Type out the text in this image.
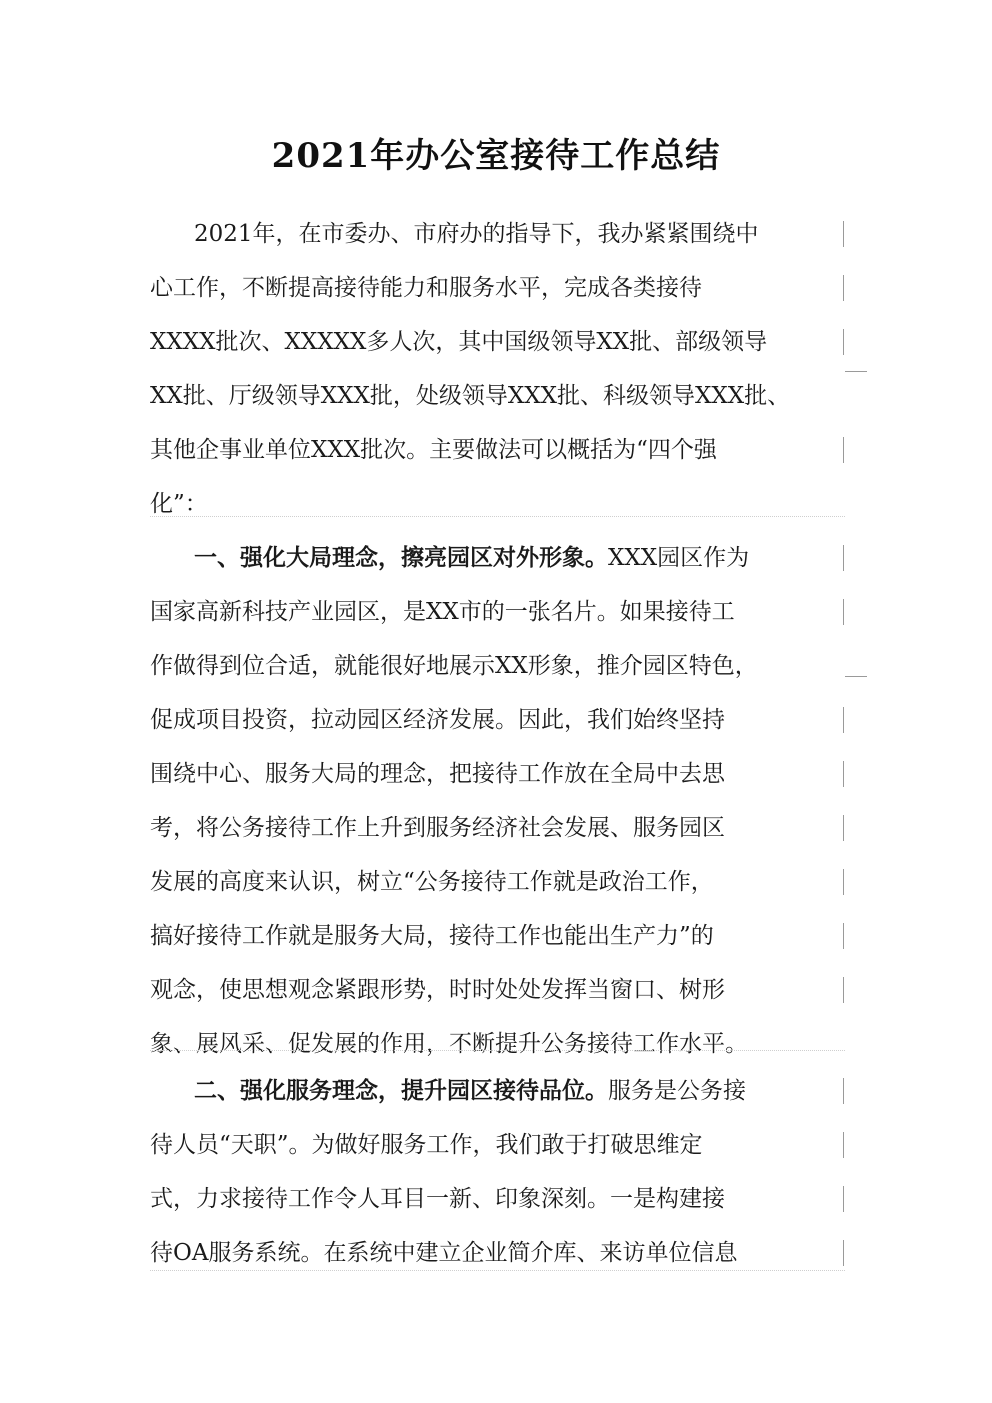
2021年办公室接待工作总结
2021年，在市委办、市府办的指导下，我办紧紧围绕中
心工作，不断提高接待能力和服务水平，完成各类接待
XXXX批次、XXXXX多人次，其中国级领导XX批、部级领导
XX批、厅级领导XXX批，处级领导XXX批、科级领导XXX批、
其他企事业单位XXX批次。主要做法可以概括为“四个强
化”：
一、强化大局理念，擦亮园区对外形象。XXX园区作为
国家高新科技产业园区，是XX市的一张名片。如果接待工
作做得到位合适，就能很好地展示XX形象，推介园区特色，
促成项目投资，拉动园区经济发展。因此，我们始终坚持
围绕中心、服务大局的理念，把接待工作放在全局中去思
考，将公务接待工作上升到服务经济社会发展、服务园区
发展的高度来认识，树立“公务接待工作就是政治工作，
搞好接待工作就是服务大局，接待工作也能出生产力”的
观念，使思想观念紧跟形势，时时处处发挥当窗口、树形
象、展风采、促发展的作用，不断提升公务接待工作水平。
二、强化服务理念，提升园区接待品位。服务是公务接
待人员“天职”。为做好服务工作，我们敢于打破思维定
式，力求接待工作令人耳目一新、印象深刻。一是构建接
待OA服务系统。在系统中建立企业简介库、来访单位信息
